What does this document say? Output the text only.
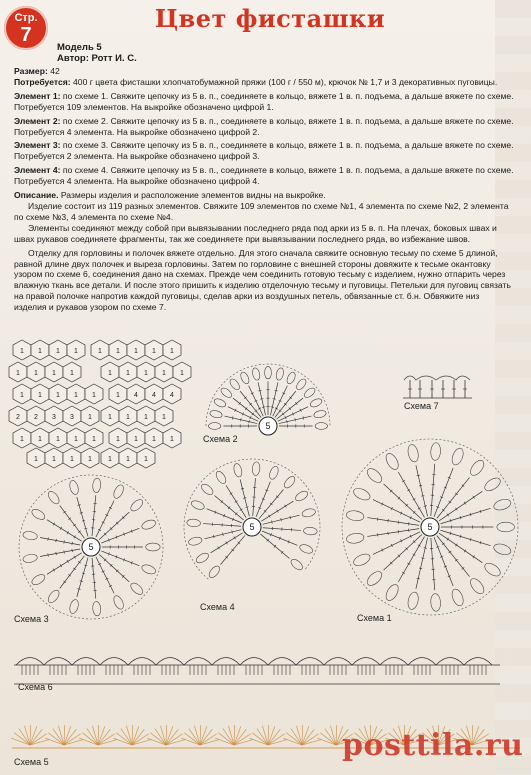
Стр.
7
Цвет фисташки
Модель 5
Автор: Ротт И. С.

Размер: 42

Потребуется: 400 г цвета фисташки хлопчатобумажной пряжи (100 г / 550 м), крючок № 1,7 и 3 декоративных пуговицы.

Элемент 1: по схеме 1. Свяжите цепочку из 5 в. п., соединяете в кольцо, вяжете 1 в. п. подъема, а дальше вяжете по схеме. Потребуется 109 элементов. На выкройке обозначено цифрой 1.

Элемент 2: по схеме 2. Свяжите цепочку из 5 в. п., соединяете в кольцо, вяжете 1 в. п. подъема, а дальше вяжете по схеме. Потребуется 4 элемента. На выкройке обозначено цифрой 2.

Элемент 3: по схеме 3. Свяжите цепочку из 5 в. п., соединяете в кольцо, вяжете 1 в. п. подъема, а дальше вяжете по схеме. Потребуется 2 элемента. На выкройке обозначено цифрой 3.

Элемент 4: по схеме 4. Свяжите цепочку из 5 в. п., соединяете в кольцо, вяжете 1 в. п. подъема, а дальше вяжете по схеме. Потребуется 4 элемента. На выкройке обозначено цифрой 4.

Описание. Размеры изделия и расположение элементов видны на выкройке.

Изделие состоит из 119 разных элементов. Свяжите 109 элементов по схеме №1, 4 элемента по схеме №2, 2 элемента по схеме №3, 4 элемента по схеме №4.

Элементы соединяют между собой при вывязывании последнего ряда под арки из 5 в. п. На плечах, боковых швах и швах рукавов соединяете фрагменты, так же соединяете при вывязывании последнего ряда, во избежание швов.

Отделку для горловины и полочек вяжете отдельно. Для этого сначала свяжите основную тесьму по схеме 5 длиной, равной длине двух полочек и выреза горловины. Затем по горловине с внешней стороны довяжите к тесьме окантовку узором по схеме 6, соединения дано на схемах. Прежде чем соединить готовую тесьму с изделием, нужно отпарить через влажную ткань все детали. И после этого пришить к изделию отделочную тесьму и пуговицы. Петельки для пуговиц связать на правой полочке напротив каждой пуговицы, сделав арки из воздушных петель, обвязанные ст. б.н. Обвяжите низ изделия и рукавов узором по схеме 7.

1 1 1 1	1 1 1 1 1
1 1 1 1	1 1 1 1 1
1 1 1 1 1	1 4 4 4
2 2 3 3 1 1 1 1 1
1 1 1 1 1	1 1 1 1
1 1 1 1 1 1 1
5
5
5	5
Схема 2
Схема 3
Схема 4
Схема 1
Схема 7
Схема 6
Схема 5	posttila.ru
